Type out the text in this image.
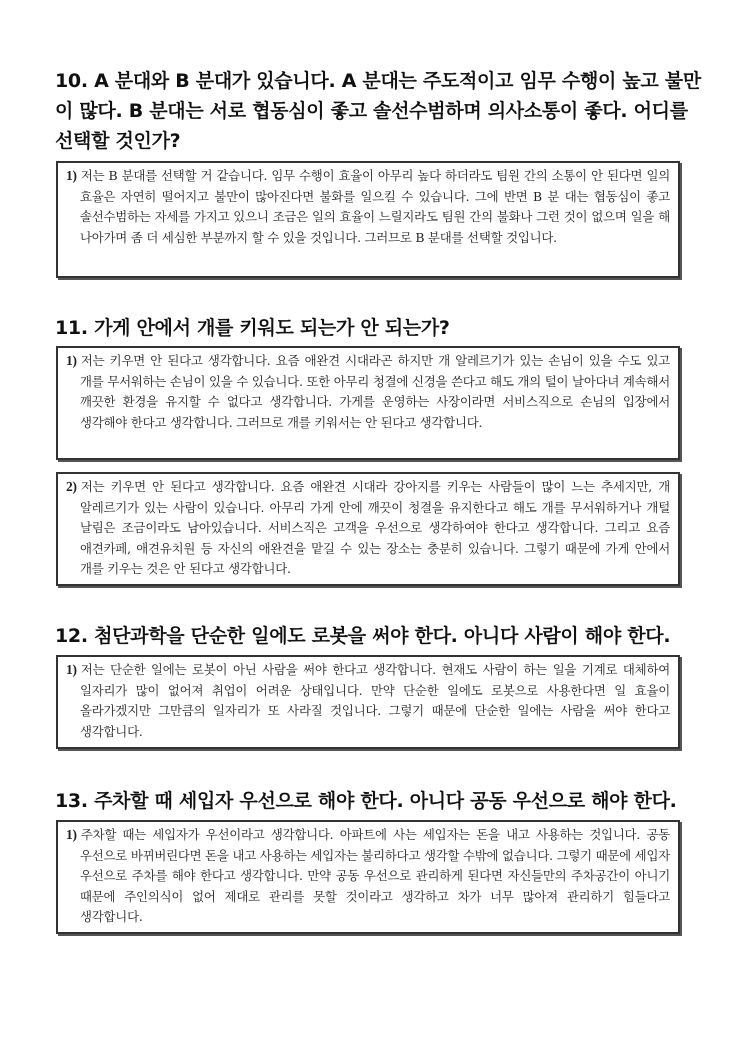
10. A 분대와 B 분대가 있습니다. A 분대는 주도적이고 임무 수행이 높고 불만이 많다. B 분대는 서로 협동심이 좋고 솔선수범하며 의사소통이 좋다. 어디를 선택할 것인가?
1) 저는 B 분대를 선택할 거 같습니다. 임무 수행이 효율이 아무리 높다 하더라도 팀원 간의 소통이 안 된다면 일의 효율은 자연히 떨어지고 불만이 많아진다면 불화를 일으킬 수 있습니다. 그에 반면 B 분 대는 협동심이 좋고 솔선수범하는 자세를 가지고 있으니 조금은 일의 효율이 느릴지라도 팀원 간의 불화나 그런 것이 없으며 일을 해 나아가며 좀 더 세심한 부분까지 할 수 있을 것입니다. 그러므로 B 분대를 선택할 것입니다.
11. 가게 안에서 개를 키워도 되는가 안 되는가?
1) 저는 키우면 안 된다고 생각합니다. 요즘 애완견 시대라곤 하지만 개 알레르기가 있는 손님이 있을 수도 있고 개를 무서워하는 손님이 있을 수 있습니다. 또한 아무리 청결에 신경을 쓴다고 해도 개의 털이 날아다녀 계속해서 깨끗한 환경을 유지할 수 없다고 생각합니다. 가게를 운영하는 사장이라면 서비스직으로 손님의 입장에서 생각해야 한다고 생각합니다. 그러므로 개를 키워서는 안 된다고 생각합니다.
2) 저는 키우면 안 된다고 생각합니다. 요즘 애완견 시대라 강아지를 키우는 사람들이 많이 느는 추세지만, 개 알레르기가 있는 사람이 있습니다. 아무리 가게 안에 깨끗이 청결을 유지한다고 해도 개를 무서워하거나 개털 날림은 조금이라도 남아있습니다. 서비스직은 고객을 우선으로 생각하여야 한다고 생각합니다. 그리고 요즘 애견카페, 애견유치원 등 자신의 애완견을 맡길 수 있는 장소는 충분히 있습니다. 그렇기 때문에 가게 안에서 개를 키우는 것은 안 된다고 생각합니다.
12. 첨단과학을 단순한 일에도 로봇을 써야 한다. 아니다 사람이 해야 한다.
1) 저는 단순한 일에는 로봇이 아닌 사람을 써야 한다고 생각합니다. 현재도 사람이 하는 일을 기계로 대체하여 일자리가 많이 없어져 취업이 어려운 상태입니다. 만약 단순한 일에도 로봇으로 사용한다면 일 효율이 올라가겠지만 그만큼의 일자리가 또 사라질 것입니다. 그렇기 때문에 단순한 일에는 사람을 써야 한다고 생각합니다.
13. 주차할 때 세입자 우선으로 해야 한다. 아니다 공동 우선으로 해야 한다.
1) 주차할 때는 세입자가 우선이라고 생각합니다. 아파트에 사는 세입자는 돈을 내고 사용하는 것입니다. 공동 우선으로 바뀌버린다면 돈을 내고 사용하는 세입자는 불리하다고 생각할 수밖에 없습니다. 그렇기 때문에 세입자 우선으로 주차를 해야 한다고 생각합니다. 만약 공동 우선으로 관리하게 된다면 자신들만의 주차공간이 아니기 때문에 주인의식이 없어 제대로 관리를 못할 것이라고 생각하고 차가 너무 많아져 관리하기 힘들다고 생각합니다.
